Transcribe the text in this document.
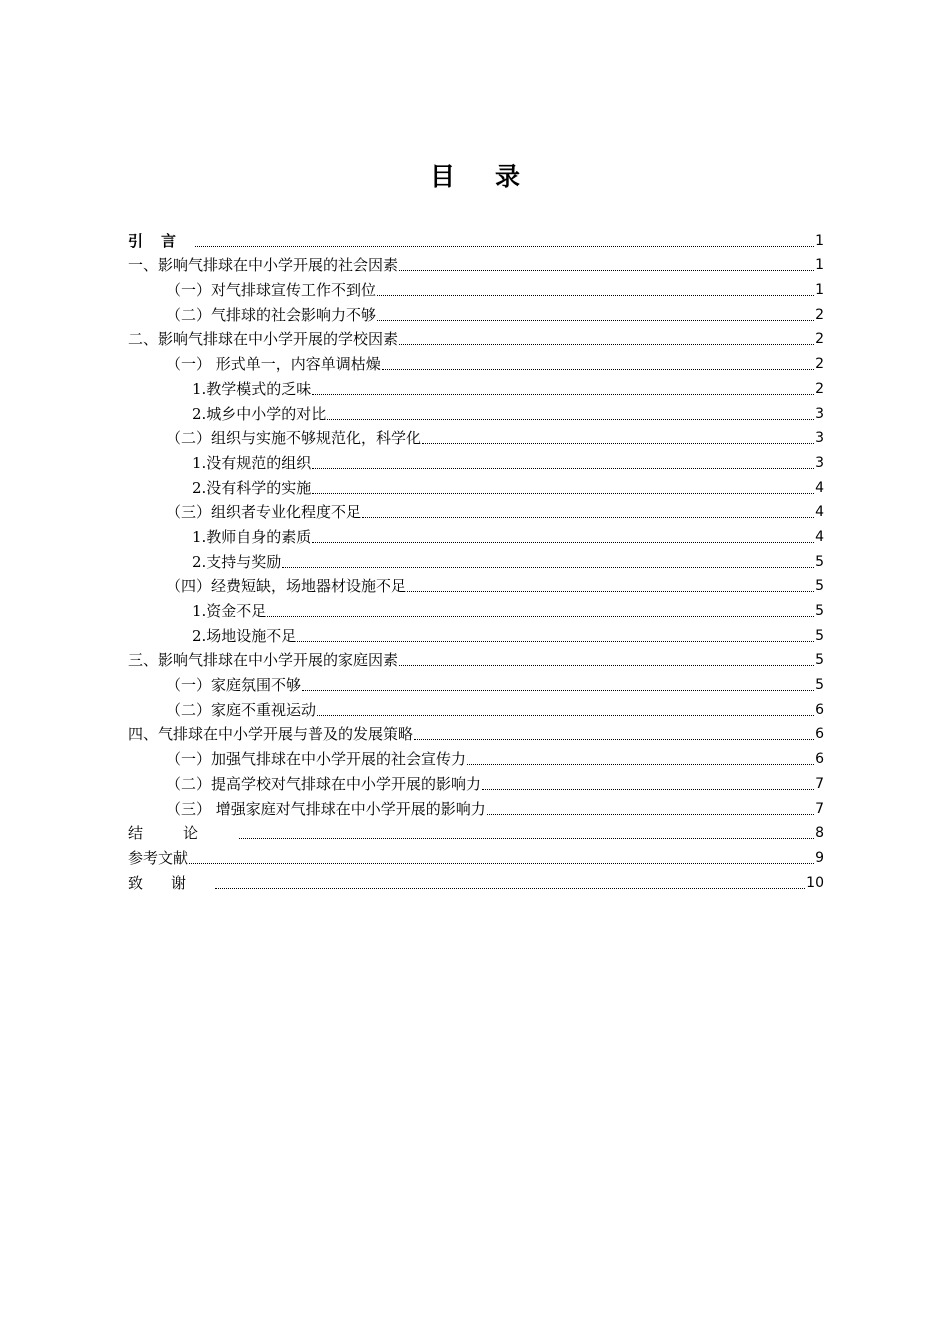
目录
引言	1
一、影响气排球在中小学开展的社会因素	1
（一）对气排球宣传工作不到位	1
（二）气排球的社会影响力不够	2
二、影响气排球在中小学开展的学校因素	2
（一） 形式单一，内容单调枯燥	2
1.教学模式的乏味	2
2.城乡中小学的对比	3
（二）组织与实施不够规范化，科学化	3
1.没有规范的组织	3
2.没有科学的实施	4
（三）组织者专业化程度不足	4
1.教师自身的素质	4
2.支持与奖励	5
（四）经费短缺，场地器材设施不足	5
1.资金不足	5
2.场地设施不足	5
三、影响气排球在中小学开展的家庭因素	5
（一）家庭氛围不够	5
（二）家庭不重视运动	6
四、气排球在中小学开展与普及的发展策略	6
（一）加强气排球在中小学开展的社会宣传力	6
（二）提高学校对气排球在中小学开展的影响力	7
（三） 增强家庭对气排球在中小学开展的影响力	7
结论	8
参考文献	9
致谢	10
